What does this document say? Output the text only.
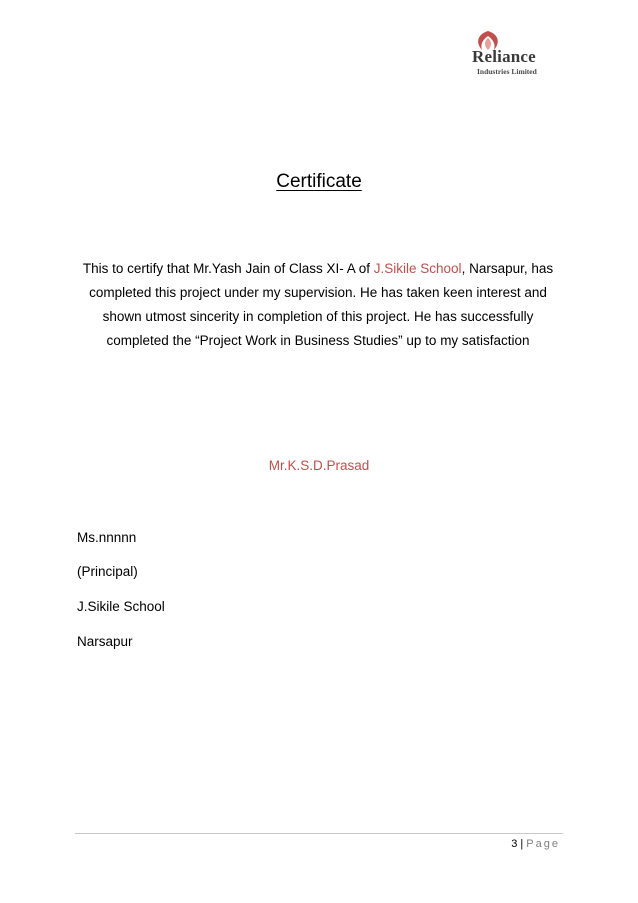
Reliance
Industries Limited
Certificate

This to certify that Mr.Yash Jain of Class XI- A of J.Sikile School, Narsapur, has completed this project under my supervision. He has taken keen interest and shown utmost sincerity in completion of this project. He has successfully completed the “Project Work in Business Studies” up to my satisfaction

Mr.K.S.D.Prasad
Ms.nnnnn
(Principal)
J.Sikile School
Narsapur
3 | Page
